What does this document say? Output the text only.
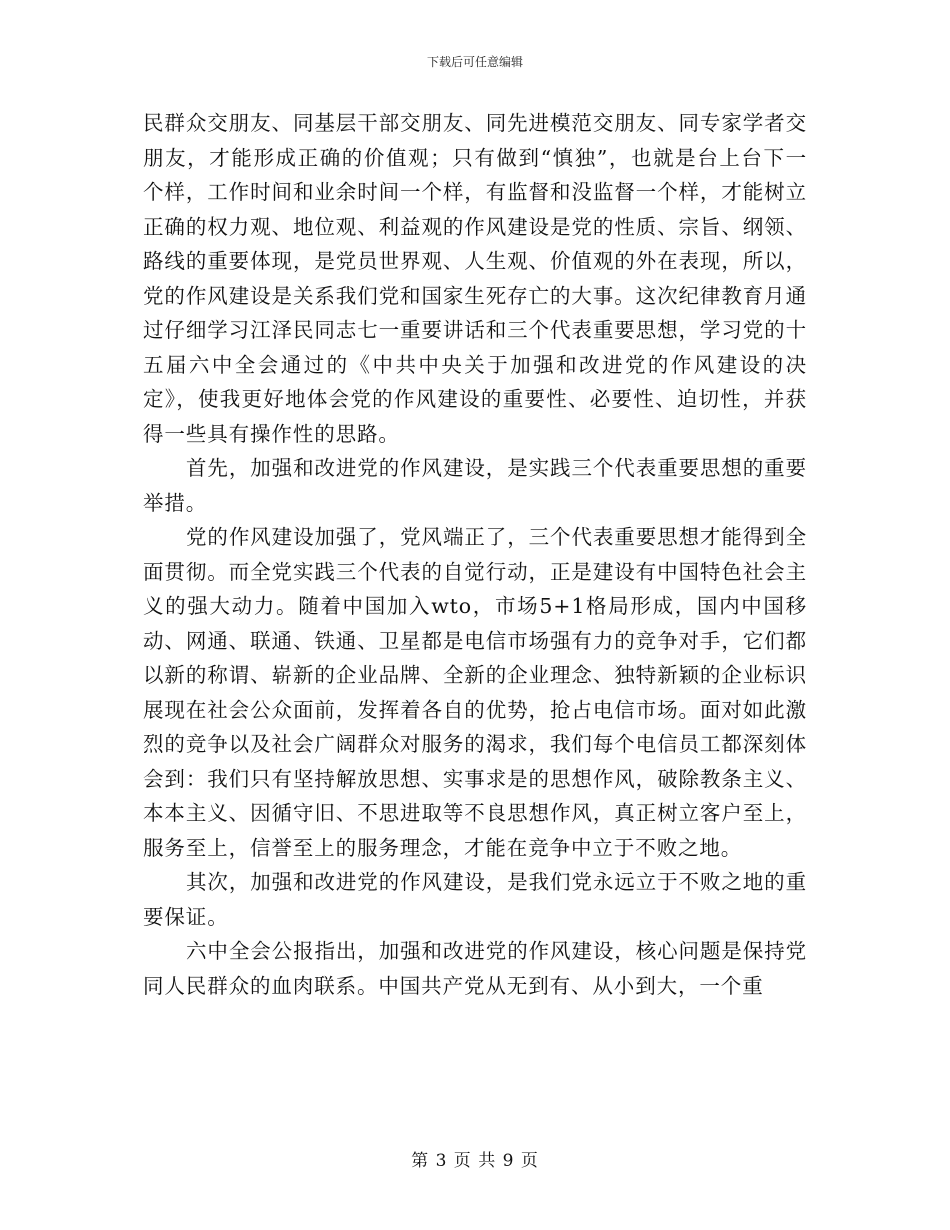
下载后可任意编辑

民群众交朋友、同基层干部交朋友、同先进模范交朋友、同专家学者交朋友，才能形成正确的价值观；只有做到“慎独”，也就是台上台下一个样，工作时间和业余时间一个样，有监督和没监督一个样，才能树立正确的权力观、地位观、利益观的作风建设是党的性质、宗旨、纲领、路线的重要体现，是党员世界观、人生观、价值观的外在表现，所以，党的作风建设是关系我们党和国家生死存亡的大事。这次纪律教育月通过仔细学习江泽民同志七一重要讲话和三个代表重要思想，学习党的十五届六中全会通过的《中共中央关于加强和改进党的作风建设的决定》，使我更好地体会党的作风建设的重要性、必要性、迫切性，并获得一些具有操作性的思路。

首先，加强和改进党的作风建设，是实践三个代表重要思想的重要举措。

党的作风建设加强了，党风端正了，三个代表重要思想才能得到全面贯彻。而全党实践三个代表的自觉行动，正是建设有中国特色社会主义的强大动力。随着中国加入wto，市场5+1格局形成，国内中国移动、网通、联通、铁通、卫星都是电信市场强有力的竞争对手，它们都以新的称谓、崭新的企业品牌、全新的企业理念、独特新颖的企业标识展现在社会公众面前，发挥着各自的优势，抢占电信市场。面对如此激烈的竞争以及社会广阔群众对服务的渴求，我们每个电信员工都深刻体会到：我们只有坚持解放思想、实事求是的思想作风，破除教条主义、本本主义、因循守旧、不思进取等不良思想作风，真正树立客户至上，服务至上，信誉至上的服务理念，才能在竞争中立于不败之地。

其次，加强和改进党的作风建设，是我们党永远立于不败之地的重要保证。

六中全会公报指出，加强和改进党的作风建设，核心问题是保持党同人民群众的血肉联系。中国共产党从无到有、从小到大，一个重

第 3 页 共 9 页
